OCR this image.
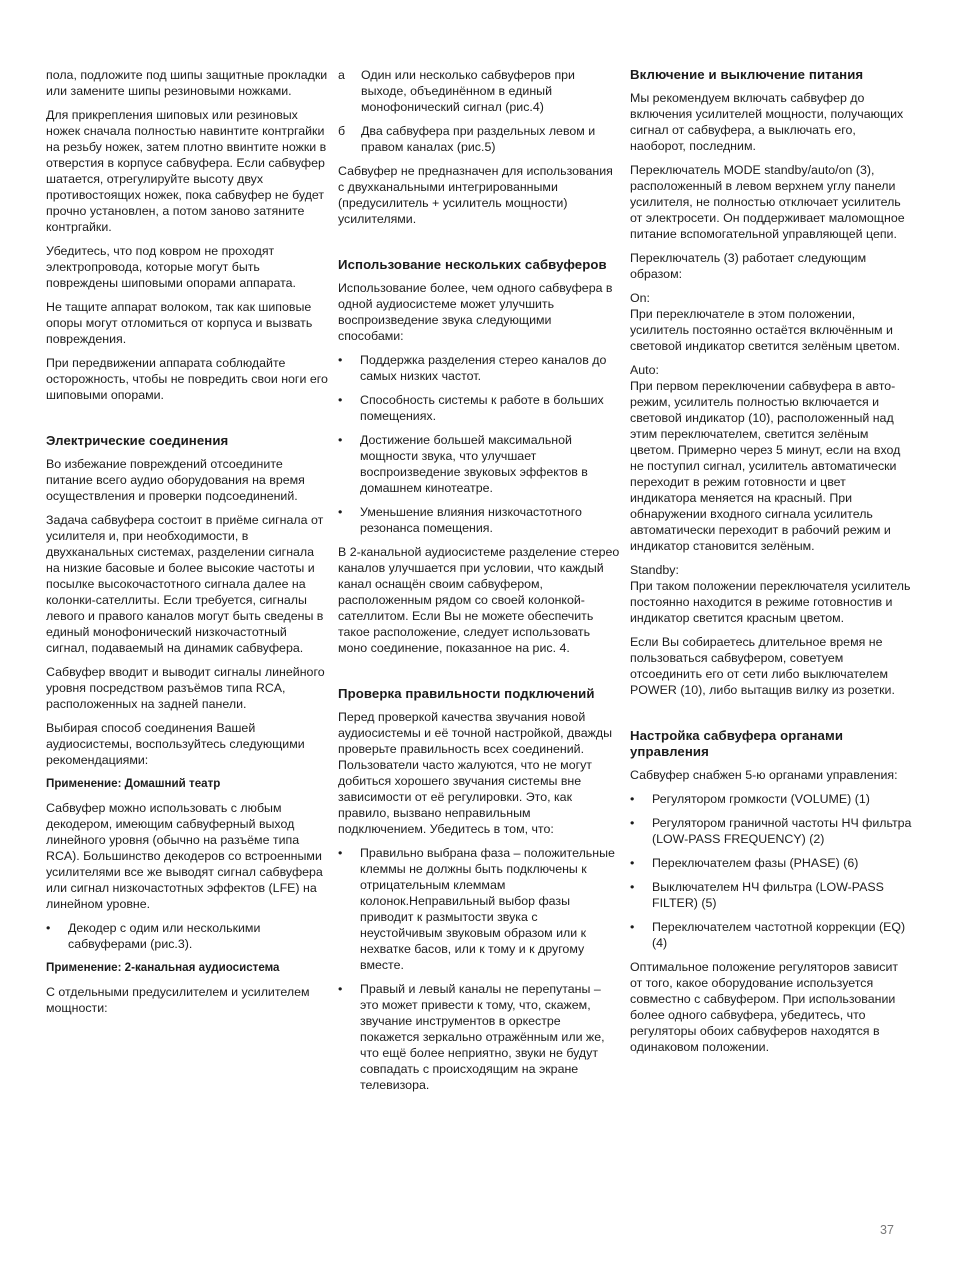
пола, подложите под шипы защитные прокладки или замените шипы резиновыми ножками.

Для прикрепления шиповых или резиновых ножек сначала полностью навинтите контргайки на резьбу ножек, затем плотно ввинтите ножки в отверстия в корпусе сабвуфера. Если сабвуфер шатается, отрегулируйте высоту двух противостоящих ножек, пока сабвуфер не будет прочно установлен, а потом заново затяните контргайки.

Убедитесь, что под ковром не проходят электропровода, которые могут быть повреждены шиповыми опорами аппарата.

Не тащите аппарат волоком, так как шиповые опоры могут отломиться от корпуса и вызвать повреждения.

При передвижении аппарата соблюдайте осторожность, чтобы не повредить свои ноги его шиповыми опорами.

Электрические соединения

Во избежание повреждений отсоедините питание всего аудио оборудования на время осуществления и проверки подсоединений.

Задача сабвуфера состоит в приёме сигнала от усилителя и, при необходимости, в двухканальных системах, разделении сигнала на низкие басовые и более высокие частоты и посылке высокочастотного сигнала далее на колонки-сателлиты. Если требуется, сигналы левого и правого каналов могут быть сведены в единый монофонический низкочастотный сигнал, подаваемый на динамик сабвуфера.

Сабвуфер вводит и выводит сигналы линейного уровня посредством разъёмов типа RCA, расположенных на задней панели.

Выбирая способ соединения Вашей аудиосистемы, воспользуйтесь следующими рекомендациями:

Применение: Домашний театр

Сабвуфер можно использовать с любым декодером, имеющим сабвуферный выход линейного уровня (обычно на разъёме типа RCA). Большинство декодеров со встроенными усилителями все же выводят сигнал сабвуфера или сигнал низкочастотных эффектов (LFE) на линейном уровне.

• Декодер с одим или несколькими сабвуферами (рис.3).
Применение: 2-канальная аудиосистема

С отдельными предусилителем и усилителем мощности:

а Один или несколько сабвуферов при выходе, объединённом в единый монофонический сигнал (рис.4)
б Два сабвуфера при раздельных левом и правом каналах (рис.5)

Сабвуфер не предназначен для использования с двухканальными интегрированными (предусилитель + усилитель мощности) усилителями.

Использование нескольких сабвуферов

Использование более, чем одного сабвуфера в одной аудиосистеме может улучшить воспроизведение звука следующими способами:

• Поддержка разделения стерео каналов до самых низких частот.
• Способность системы к работе в больших помещениях.
• Достижение большей максимальной мощности звука, что улучшает воспроизведение звуковых эффектов в домашнем кинотеатре.
• Уменьшение влияния низкочастотного резонанса помещения.

В 2-канальной аудиосистеме разделение стерео каналов улучшается при условии, что каждый канал оснащён своим сабвуфером, расположенным рядом со своей колонкой-сателлитом. Если Вы не можете обеспечить такое расположение, следует использовать моно соединение, показанное на рис. 4.

Проверка правильности подключений

Перед проверкой качества звучания новой аудиосистемы и её точной настройкой, дважды проверьте правильность всех соединений. Пользователи часто жалуются, что не могут добиться хорошего звучания системы вне зависимости от её регулировки. Это, как правило, вызвано неправильным подключением. Убедитесь в том, что:

• Правильно выбрана фаза – положительные клеммы не должны быть подключены к отрицательным клеммам колонок.Неправильный выбор фазы приводит к размытости звука с неустойчивым звуковым образом или к нехватке басов, или к тому и к другому вместе.
• Правый и левый каналы не перепутаны – это может привести к тому, что, скажем, звучание инструментов в оркестре покажется зеркально отражённым или же, что ещё более неприятно, звуки не будут совпадать с происходящим на экране телевизора.
Включение и выключение питания

Мы рекомендуем включать сабвуфер до включения усилителей мощности, получающих сигнал от сабвуфера, а выключать его, наоборот, последним.

Переключатель MODE standby/auto/on (3), расположенный в левом верхнем углу панели усилителя, не полностью отключает усилитель от электросети. Он поддерживает маломощное питание вспомогательной управляющей цепи.

Переключатель (3) работает следующим образом:

On:
При переключателе в этом положении, усилитель постоянно остаётся включённым и световой индикатор светится зелёным цветом.

Auto:
При первом переключении сабвуфера в авто-режим, усилитель полностью включается и световой индикатор (10), расположенный над этим переключателем, светится зелёным цветом. Примерно через 5 минут, если на вход не поступил сигнал, усилитель автоматически переходит в режим готовности и цвет индикатора меняется на красный. При обнаружении входного сигнала усилитель автоматически переходит в рабочий режим и индикатор становится зелёным.

Standby:
При таком положении переключателя усилитель постоянно находится в режиме готовностив и индикатор светится красным цветом.

Если Вы собираетесь длительное время не пользоваться сабвуфером, советуем отсоединить его от сети либо выключателем POWER (10), либо вытащив вилку из розетки.

Настройка сабвуфера органами управления

Сабвуфер снабжен 5-ю органами управления:

• Регулятором громкости (VOLUME) (1)
• Регулятором граничной частоты НЧ фильтра (LOW-PASS FREQUENCY) (2)
• Переключателем фазы (PHASE) (6)
• Выключателем НЧ фильтра (LOW-PASS FILTER) (5)
• Переключателем частотной коррекции (EQ) (4)

Оптимальное положение регуляторов зависит от того, какое оборудование используется совместно с сабвуфером. При использовании более одного сабвуфера, убедитесь, что регуляторы обоих сабвуферов находятся в одинаковом положении.

37
